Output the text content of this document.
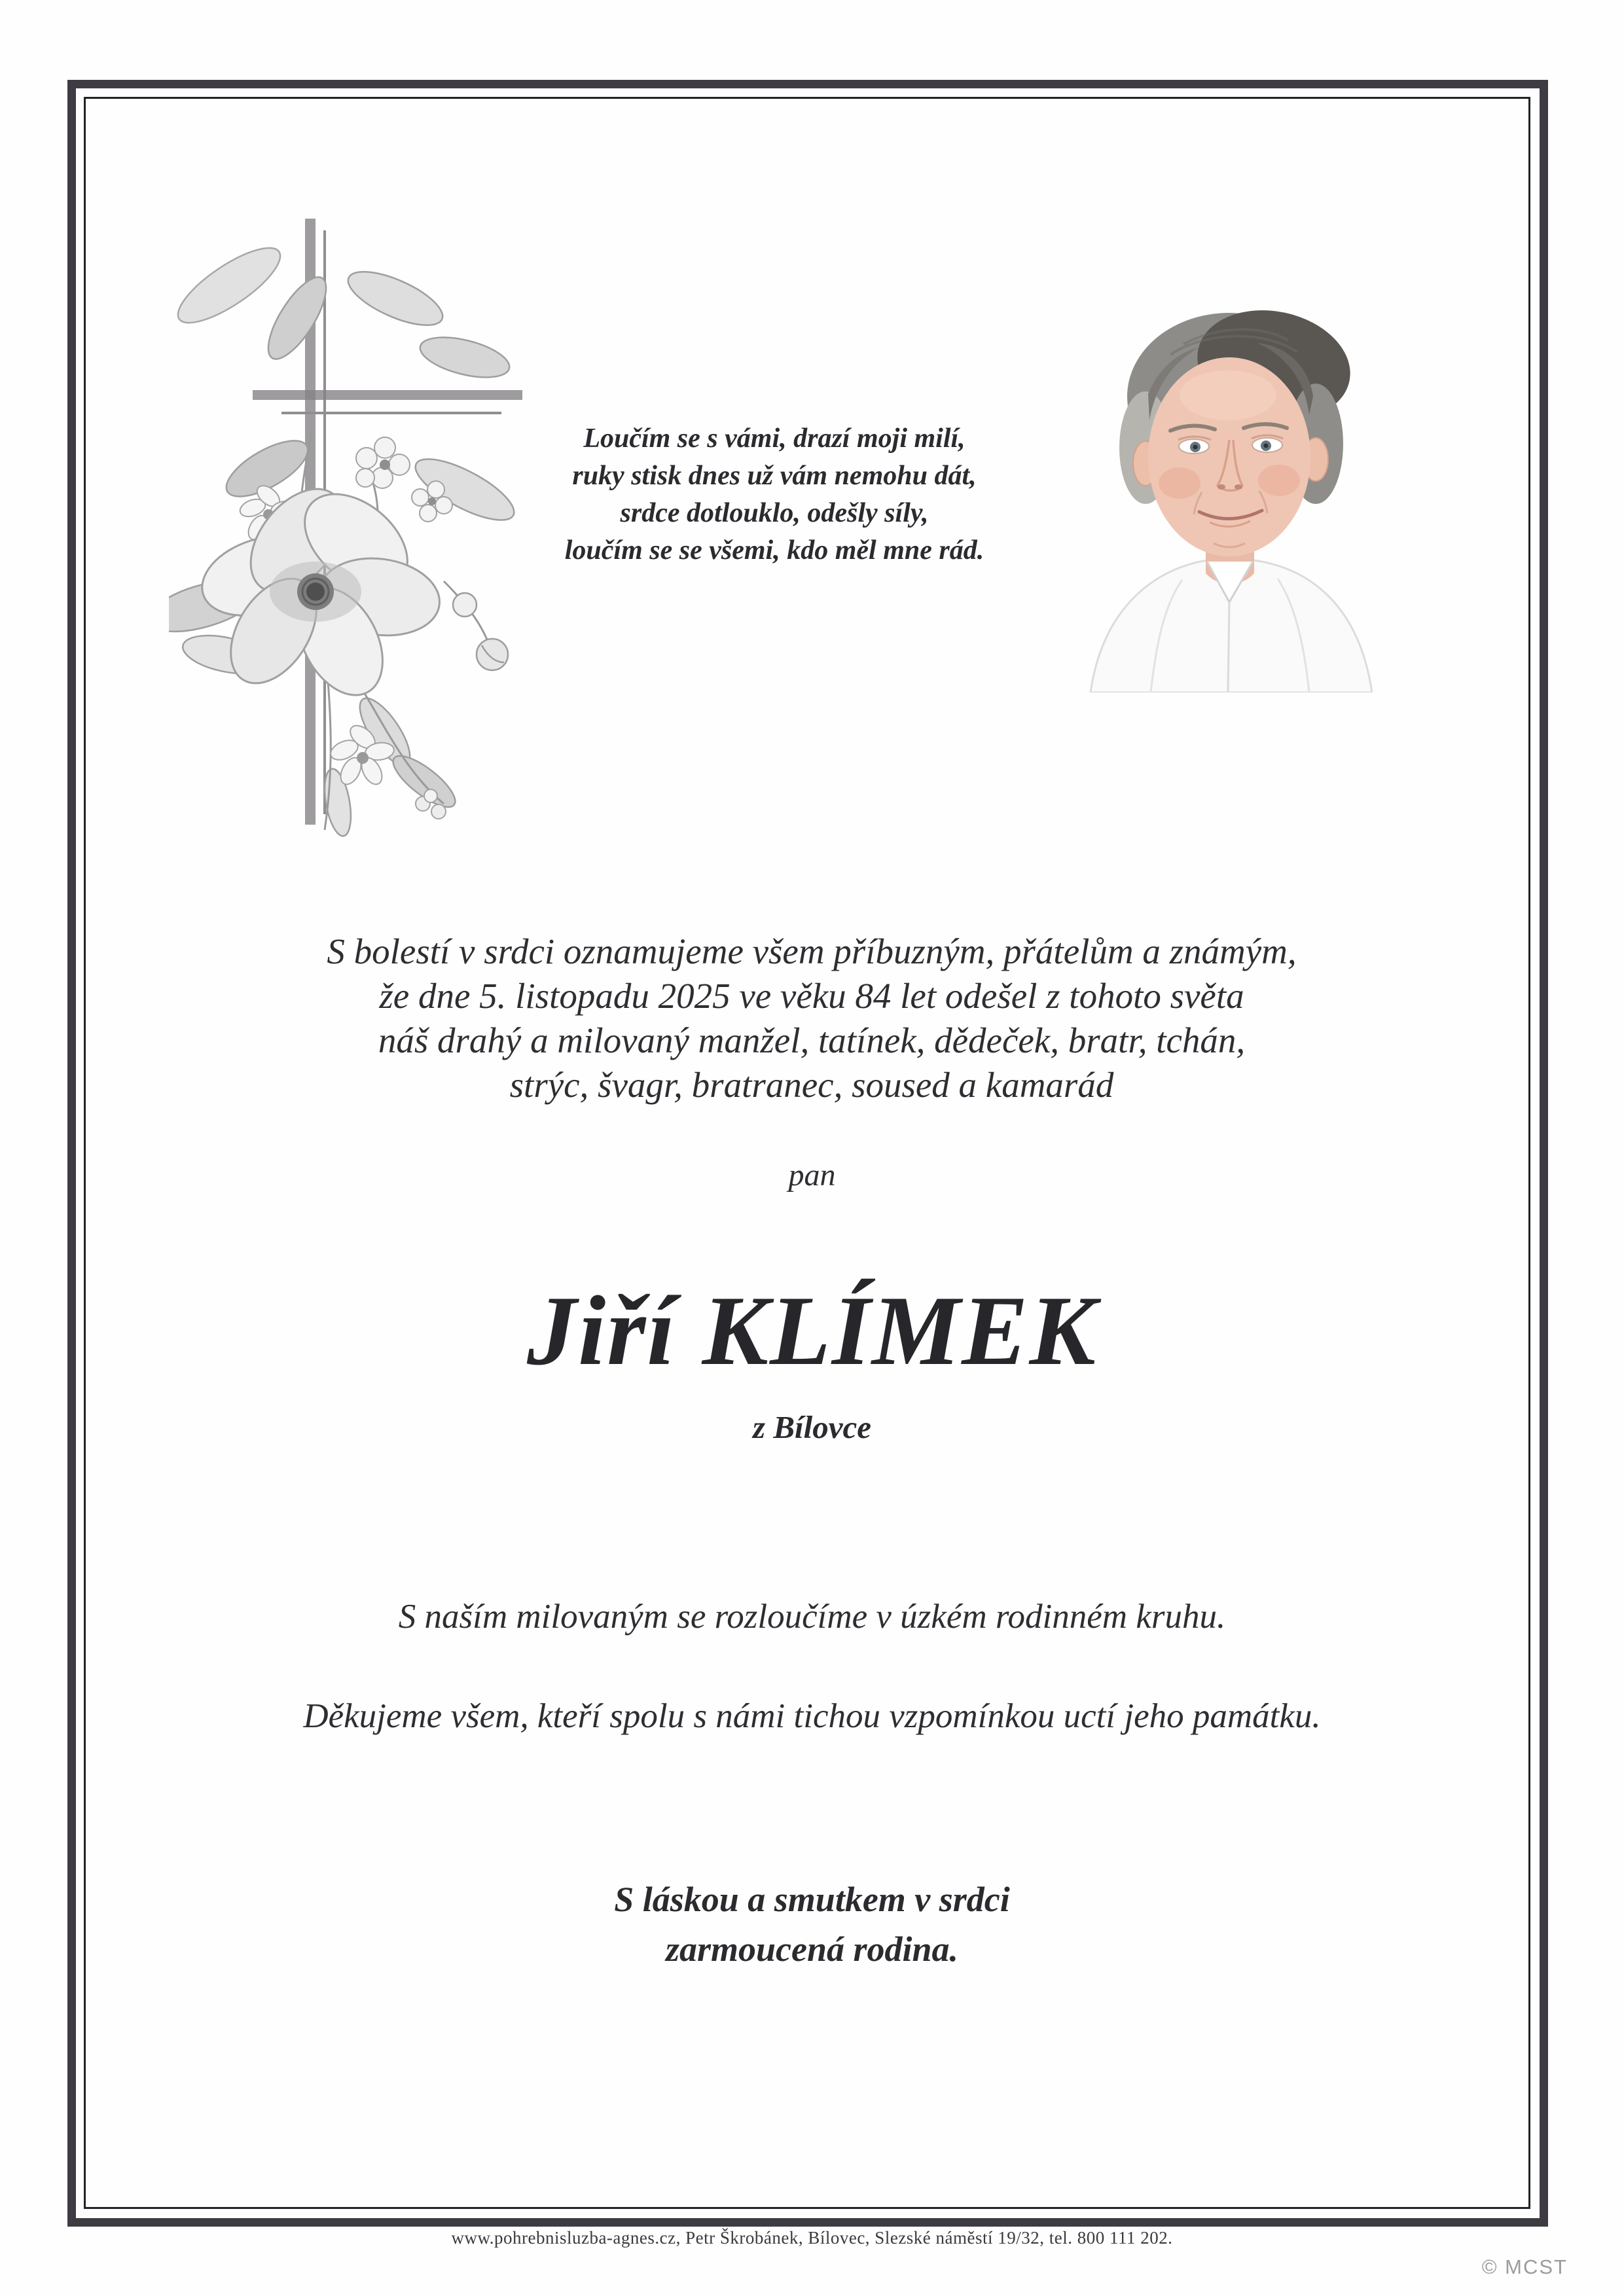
Loučím se s vámi, drazí moji milí,

ruky stisk dnes už vám nemohu dát,

srdce dotlouklo, odešly síly,

loučím se se všemi, kdo měl mne rád.

S bolestí v srdci oznamujeme všem příbuzným, přátelům a známým,

že dne 5. listopadu 2025 ve věku 84 let odešel z tohoto světa

náš drahý a milovaný manžel, tatínek, dědeček, bratr, tchán,

strýc, švagr, bratranec, soused a kamarád

pan
Jiří KLÍMEK
z Bílovce

S naším milovaným se rozloučíme v úzkém rodinném kruhu.

Děkujeme všem, kteří spolu s námi tichou vzpomínkou uctí jeho památku.

S láskou a smutkem v srdci

zarmoucená rodina.

www.pohrebnisluzba-agnes.cz, Petr Škrobánek, Bílovec, Slezské náměstí 19/32, tel. 800 111 202.
© MCST
